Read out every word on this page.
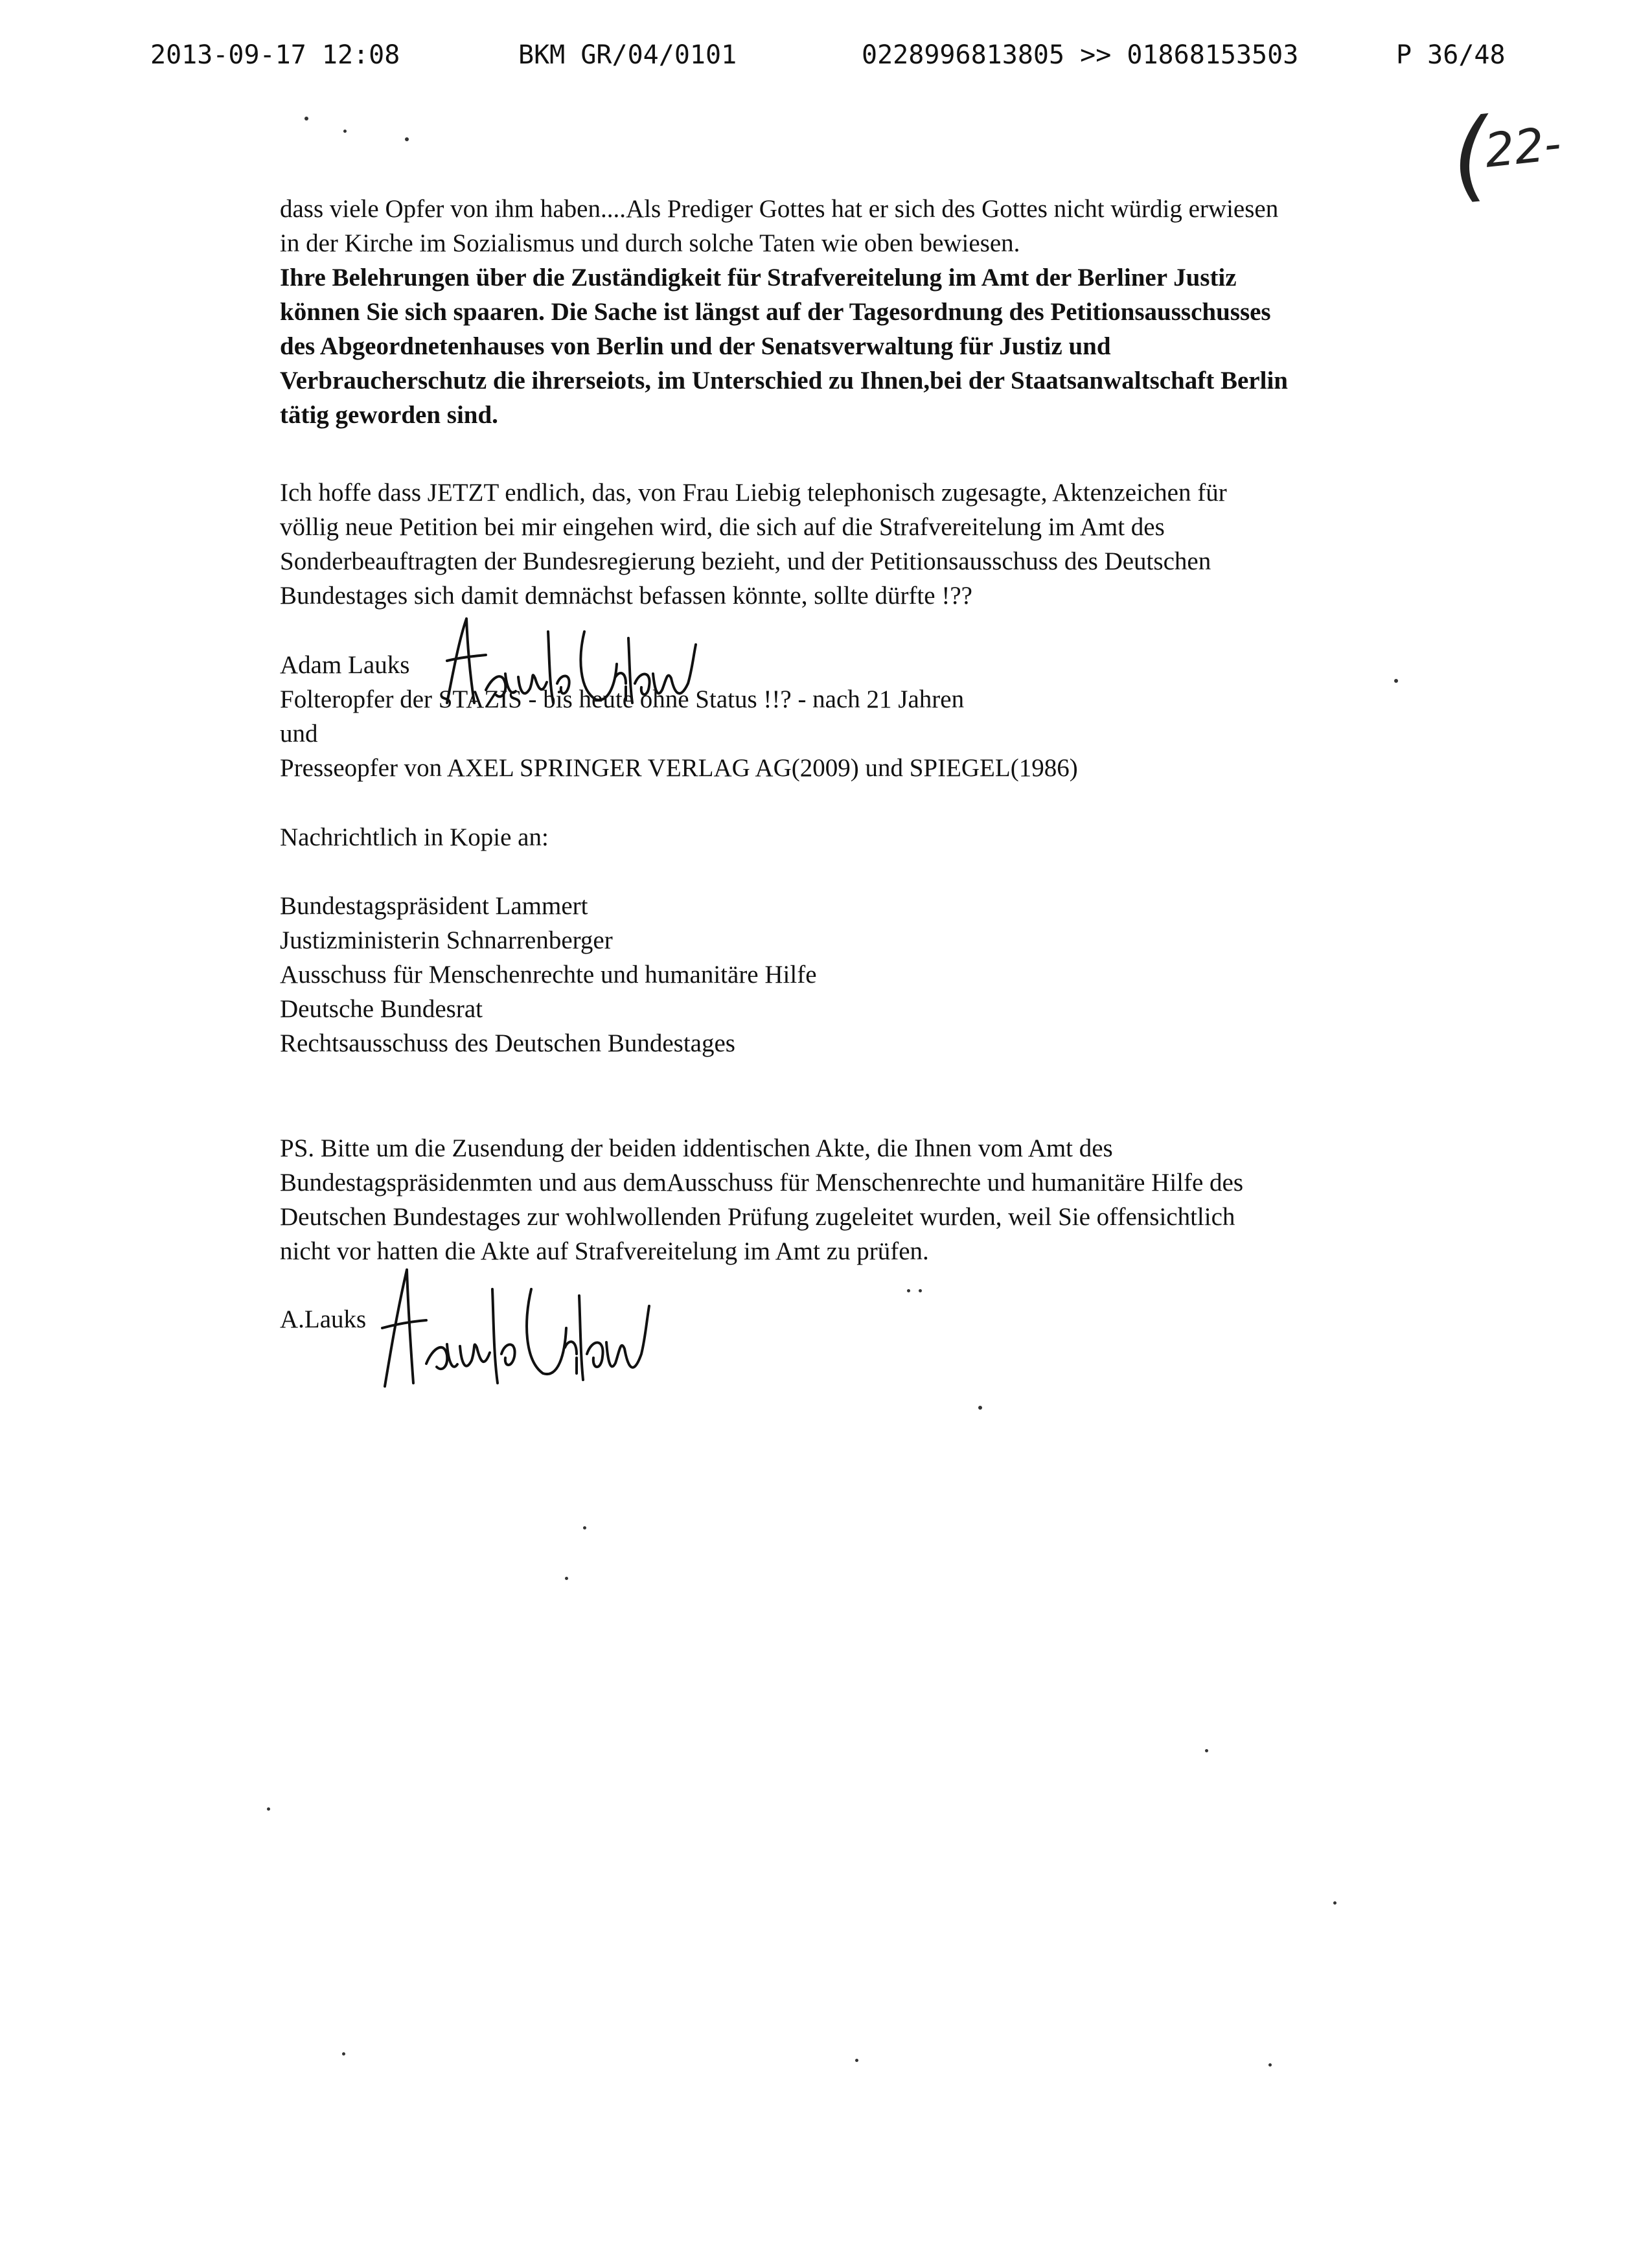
2013-09-17 12:08	BKM GR/04/0101	0228996813805 >> 01868153503	P 36/48
(22-

dass viele Opfer von ihm haben....Als Prediger Gottes hat er sich des Gottes nicht würdig erwiesen

in der Kirche im Sozialismus und durch solche Taten wie oben bewiesen.

Ihre Belehrungen über die Zuständigkeit für Strafvereitelung im Amt der Berliner Justiz

können Sie sich spaaren. Die Sache ist längst auf der Tagesordnung des Petitionsausschusses

des Abgeordnetenhauses von Berlin und der Senatsverwaltung für Justiz und

Verbraucherschutz die ihrerseiots, im Unterschied zu Ihnen,bei der Staatsanwaltschaft Berlin

tätig geworden sind.

Ich hoffe dass JETZT endlich, das, von Frau Liebig telephonisch zugesagte, Aktenzeichen für

völlig neue Petition bei mir eingehen wird, die sich auf die Strafvereitelung im Amt des

Sonderbeauftragten der Bundesregierung bezieht, und der Petitionsausschuss des Deutschen

Bundestages sich damit demnächst befassen könnte, sollte dürfte !??

Adam Lauks

Folteropfer der STAZIS - bis heute ohne Status !!? - nach 21 Jahren

und

Presseopfer von AXEL SPRINGER VERLAG AG(2009) und SPIEGEL(1986)

Nachrichtlich in Kopie an:

Bundestagspräsident Lammert

Justizministerin Schnarrenberger

Ausschuss für Menschenrechte und humanitäre Hilfe

Deutsche Bundesrat

Rechtsausschuss des Deutschen Bundestages

PS. Bitte um die Zusendung der beiden iddentischen Akte, die Ihnen vom Amt des

Bundestagspräsidenmten und aus demAusschuss für Menschenrechte und humanitäre Hilfe des

Deutschen Bundestages zur wohlwollenden Prüfung zugeleitet wurden, weil Sie offensichtlich

nicht vor hatten die Akte auf Strafvereitelung im Amt zu prüfen.

A.Lauks
